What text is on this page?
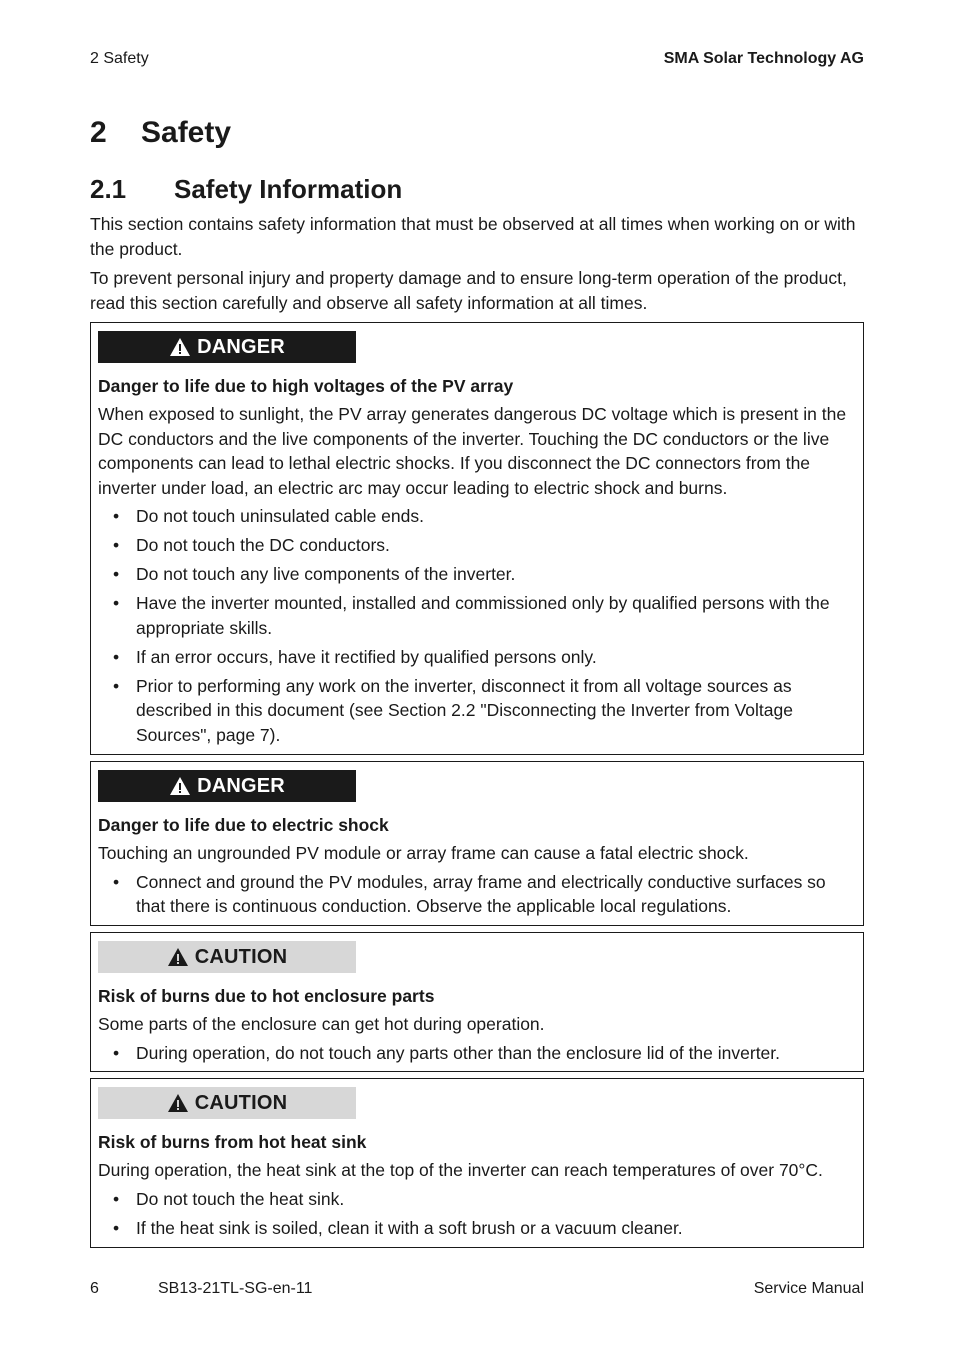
2 Safety	SMA Solar Technology AG
2 Safety
2.1 Safety Information

This section contains safety information that must be observed at all times when working on or with the product.

To prevent personal injury and property damage and to ensure long-term operation of the product, read this section carefully and observe all safety information at all times.

DANGER
Danger to life due to high voltages of the PV array

When exposed to sunlight, the PV array generates dangerous DC voltage which is present in the DC conductors and the live components of the inverter. Touching the DC conductors or the live components can lead to lethal electric shocks. If you disconnect the DC connectors from the inverter under load, an electric arc may occur leading to electric shock and burns.

• Do not touch uninsulated cable ends.
• Do not touch the DC conductors.
• Do not touch any live components of the inverter.
• Have the inverter mounted, installed and commissioned only by qualified persons with the appropriate skills.
• If an error occurs, have it rectified by qualified persons only.
• Prior to performing any work on the inverter, disconnect it from all voltage sources as described in this document (see Section 2.2 "Disconnecting the Inverter from Voltage Sources", page 7).
DANGER
Danger to life due to electric shock

Touching an ungrounded PV module or array frame can cause a fatal electric shock.

• Connect and ground the PV modules, array frame and electrically conductive surfaces so that there is continuous conduction. Observe the applicable local regulations.
CAUTION
Risk of burns due to hot enclosure parts

Some parts of the enclosure can get hot during operation.

• During operation, do not touch any parts other than the enclosure lid of the inverter.
CAUTION
Risk of burns from hot heat sink

During operation, the heat sink at the top of the inverter can reach temperatures of over 70°C.

• Do not touch the heat sink.
• If the heat sink is soiled, clean it with a soft brush or a vacuum cleaner.
6	SB13-21TL-SG-en-11	Service Manual
